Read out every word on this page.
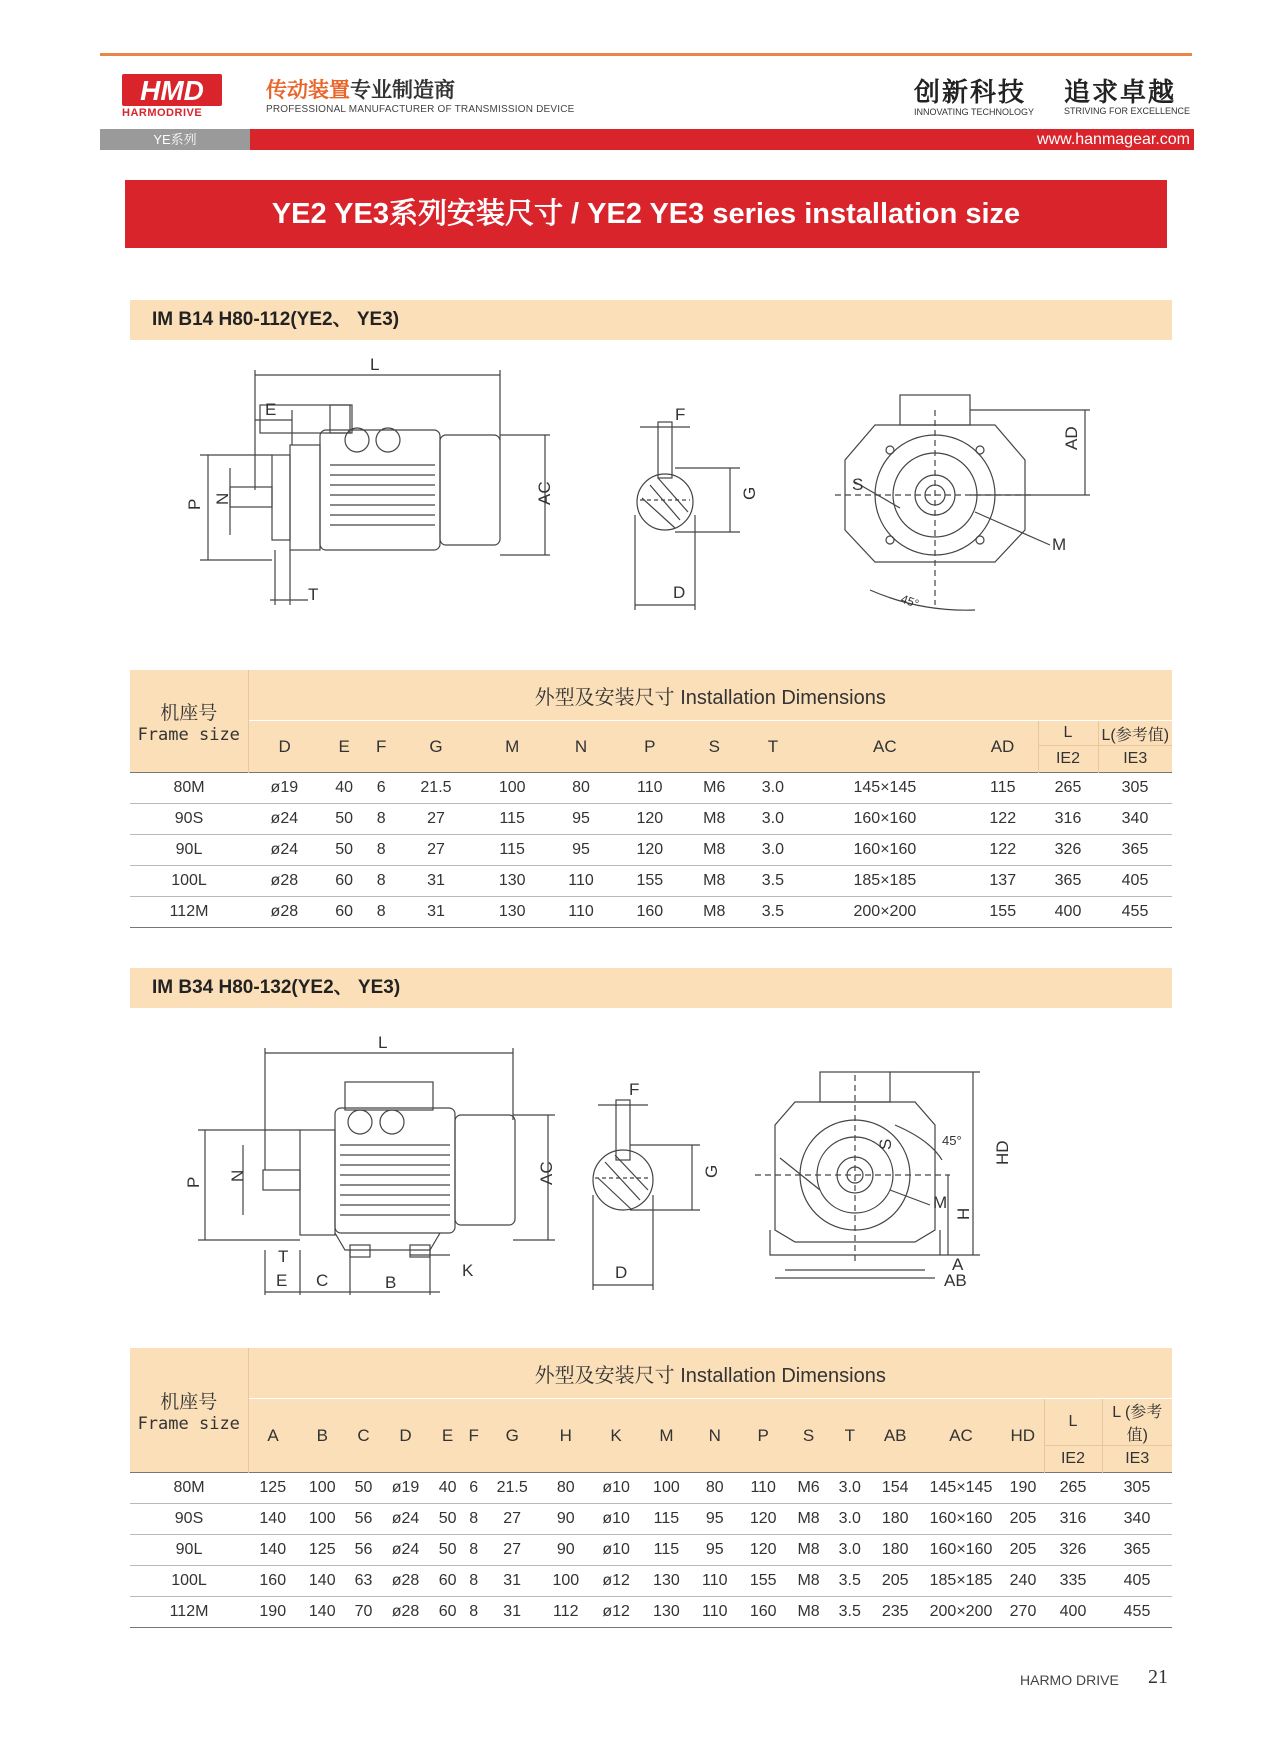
HMD
HARMODRIVE
传动装置专业制造商
PROFESSIONAL MANUFACTURER OF TRANSMISSION DEVICE
创新科技
INNOVATING TECHNOLOGY
追求卓越
STRIVING FOR EXCELLENCE
YE系列	www.hanmagear.com
YE2 YE3系列安装尺寸 / YE2 YE3 series installation size
IM B14 H80-112(YE2、 YE3)
L
E
P N	AC
T
F
G
D
S
AD
M
45°
机座号
Frame size	外型及安装尺寸 Installation Dimensions												
	D	E	F	G	M	N	P	S	T	AC	AD	L	L(参考值)
												IE2	IE3
80M	ø19	40	6	21.5	100	80	110	M6	3.0	145×145	115	265	305
90S	ø24	50	8	27	115	95	120	M8	3.0	160×160	122	316	340
90L	ø24	50	8	27	115	95	120	M8	3.0	160×160	122	326	365
100L	ø28	60	8	31	130	110	155	M8	3.5	185×185	137	365	405
112M	ø28	60	8	31	130	110	160	M8	3.5	200×200	155	400	455
IM B34 H80-132(YE2、 YE3)
L
P
N	AC
T
E C	B
K
F
G
D
S
M
H
HD
A
AB
45°
机座号
Frame size	外型及安装尺寸 Installation Dimensions																		
	A	B	C	D	E	F	G	H	K	M	N	P	S	T	AB	AC	HD	L	L (参考值)
																		IE2	IE3
80M	125	100	50	ø19	40	6	21.5	80	ø10	100	80	110	M6	3.0	154	145×145	190	265	305
90S	140	100	56	ø24	50	8	27	90	ø10	115	95	120	M8	3.0	180	160×160	205	316	340
90L	140	125	56	ø24	50	8	27	90	ø10	115	95	120	M8	3.0	180	160×160	205	326	365
100L	160	140	63	ø28	60	8	31	100	ø12	130	110	155	M8	3.5	205	185×185	240	335	405
112M	190	140	70	ø28	60	8	31	112	ø12	130	110	160	M8	3.5	235	200×200	270	400	455
HARMO DRIVE 21
